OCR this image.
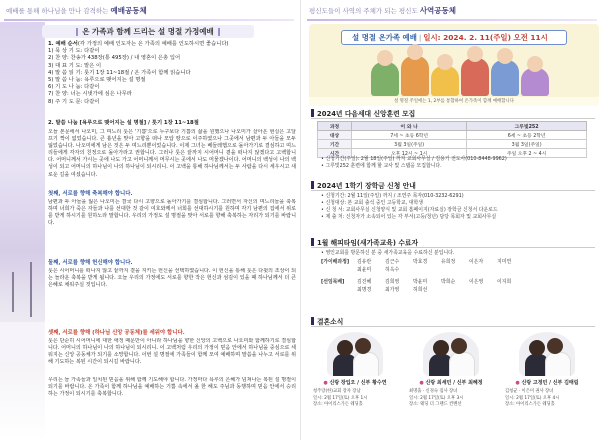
예배를 통해 하나님을 만나 감격하는 예배공동체
온 가족과 함께 드리는 설 명절 가정예배
1. 예배 순서(각 가정의 예배 인도자는 온 가족의 예배를 인도하시면 좋습니다)
1) 묵 상 기 도: 다같이
2) 찬 양: 찬송가 438장(통 495장) / 내 영혼이 은총 입어
3) 대 표 기 도: 맡은 이
4) 말 씀 읽 기: 룻기 1장 11~18절 / 온 가족이 함께 읽습니다
5) 말 씀 나 눔: 욕루으로 맺어지는 설 명절
6) 기 도 나 눔: 다같이
7) 찬 양: 너는 시냇가에 심은 나무라
8) 주 기 도 문: 다같이
2. 말씀 나눔 [욕루으로 맺어지는 설 명절] / 룻기 1장 11~18절
오늘 본문에서 나오미, 그 며느리 룻은 '기쁨'으로 누구보다 기쁨의 삶을 원했으나 나오미가 살아온 현실은 고달프기 짝이 없었습니다. 큰 흉년을 맞아 고향을 떠나 모압 땅으로 이주하였으나 그곳에서 남편과 두 아들을 모두 잃었습니다. 나오미에게 남은 것은 두 며느리뿐이었습니다. 이제 그녀는 베들레헴으로 돌아가기로 결심하고 며느리들에게 각자의 친정으로 돌아가라고 권합니다. 그러나 룻은 끝까지 시어머니 곁을 떠나지 않겠다고 고백합니다. 어머니께서 가시는 곳에 나도 가고 어머니께서 머무시는 곳에서 나도 머물겠나이다. 어머니의 백성이 나의 백성이 되고 어머니의 하나님이 나의 하나님이 되시리니. 이 고백을 통해 하나님께서는 두 사람을 다시 세우시고 새로운 길을 여셨습니다.
첫째, 서로를 향해 축복해야 합니다.
남편과 두 아들을 잃은 나오미는 결국 다시 고향으로 돌아가기를 결심합니다. 그러면서 자신의 며느리들을 축복하며 너희가 죽은 자들과 나를 선대한 것 같이 여호와께서 너희를 선대하시기를 원하며 각기 남편의 집에서 위로를 받게 하시기를 원하노라 말합니다. 우리의 가정도 설 명절을 맞아 서로를 향해 축복하는 자리가 되기를 바랍니다.
둘째, 서로를 향해 헌신해야 합니다.
룻은 시어머니를 떠나지 않고 끝까지 곁을 지키는 헌신을 선택하였습니다. 이 헌신을 통해 룻은 다윗의 조상이 되는 놀라운 축복을 받게 됩니다. 오늘 우리의 가정에도 서로를 향한 작은 헌신과 섬김이 있을 때 하나님께서 더 큰 은혜로 채워주실 것입니다.
셋째, 서로를 향해 (하나님 신앙 공동체)를 세워야 합니다.
룻은 단순히 시어머니에 대한 애정 때문만이 아니라 하나님을 향한 신앙의 고백으로 나오미와 함께하기로 결심합니다. 어머니의 하나님이 나의 하나님이 되시리니. 이 고백처럼 우리의 가정이 믿음 안에서 하나님을 중심으로 세워지는 신앙 공동체가 되기를 소망합니다. 이번 설 명절에 가족들이 함께 모여 예배하며 말씀을 나누고 서로를 위해 기도하는 복된 시간이 되시길 바랍니다.
우리는 늘 가족들과 일치된 믿음을 위해 함께 기도해야 합니다. 가정마다 욕루의 은혜가 넘쳐나는 복된 설 명절이 되기를 바랍니다. 온 가족이 함께 하나님을 예배하는 기쁨 속에서 올 한 해도 주님과 동행하며 믿음 안에서 승리하는 가정이 되시기를 축복합니다.
평신도들이 사역의 주체가 되는 평신도 사역공동체
설 명절 온가족 예배 | 일시: 2024. 2. 11(주일) 오전 11시
설 명절 주일에는 1, 2부를 통합하여 온가족이 함께 예배합니다
2024년 다음세대 신앙훈련 모집
과정	어 와 나	그루빛252
대상	7세 ~ 초등 6학년	6세 ~ 초등 2학년
기간	3월 3일(주일)	3월 3일(주일)
시간	오후 12시 ~ 1시	주일 오후 2 ~ 4시
• 신청기간(주일): 2월 18일(주일) 까지 교회사무실 / 김용기 전도사(010-8448-9962)
• 그루빛252 훈련에 함께 할 교사 및 스탭을 모집합니다.
2024년 1학기 장학금 신청 안내
• 신청기간: 2월 11일(주일) 까지 / 조연주 목자(010-3232-6291)
• 신청대상: 본 교회 출석 중인 고등학교, 대학생
• 신 청 서: 교회사무실 신청양식 및 교회 홈페이지(자료실) 장학금 신청서 다운로드
• 제 출 처: 신청자가 소속되어 있는 각 부서(고등/청년) 담당 목회자 및 교회사무실
1월 해피타임(새가족교육) 수료자
• 영인교회를 방문하신 분 중 새가족교육을 수료하신 분입니다.
[가이배과정] 김유란	김근수	박효경	유희정	이은자	지미연
최윤미	허옥수
[선임목배]	김진혜	김희영	박윤미	박희순	이은영	이지희
최명경	최가영	허희선
결혼소식
● 신랑 장입오 / 신부 황수연
청주랑(한)교회 장자 장남
일시: 2월 17일(토) 오후 1시
장소: 아이리스가든 웨딩홀
● 신랑 최세민 / 신부 최혜정
최명출 · 신경숙 집사 장녀
일시: 2월 17일(토) 오후 3시
장소: 웨딩 더 그랜드 컨벤션
● 신랑 고정민 / 신부 김태림
김청균 · 이은미 권사 장녀
일시: 2월 17일(토) 오후 4시
장소: 아이리스가든 웨딩홀
